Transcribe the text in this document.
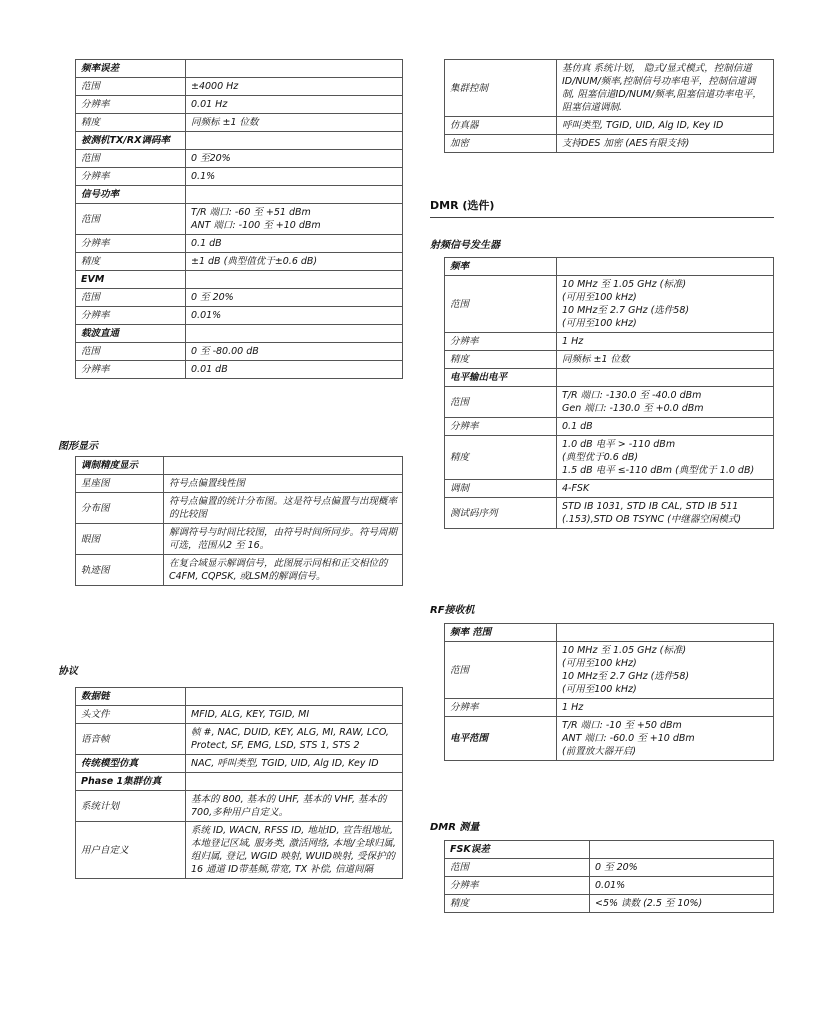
频率误差	
范围	±4000 Hz
分辨率	0.01 Hz
精度	同频标 ±1 位数
被测机TX/RX调码率	
范围	0 至20%
分辨率	0.1%
信号功率	
范围	T/R 端口: -60 至 +51 dBm
ANT 端口: -100 至 +10 dBm
分辨率	0.1 dB
精度	±1 dB (典型值优于±0.6 dB)
EVM	
范围	0 至 20%
分辨率	0.01%
载波直通	
范围	0 至 -80.00 dB
分辨率	0.01 dB
图形显示
调制精度显示	
星座图	符号点偏置线性图
分布图	符号点偏置的统计分布图。这是符号点偏置与出现概率的比较图
眼图	解调符号与时间比较图，由符号时间所同步。符号周期可选，范围从2 至 16。
轨迹图	在复合域显示解调信号，此图展示同相和正交相位的C4FM, CQPSK, 或LSM的解调信号。
协议
数据链	
头文件	MFID, ALG, KEY, TGID, MI
语音帧	帧 #, NAC, DUID, KEY, ALG, MI, RAW, LCO, Protect, SF, EMG, LSD, STS 1, STS 2
传统模型仿真	NAC, 呼叫类型, TGID, UID, Alg ID, Key ID
Phase 1集群仿真	
系统计划	基本的 800, 基本的 UHF, 基本的 VHF, 基本的700,多种用户自定义。
用户自定义	系统 ID, WACN, RFSS ID, 地址ID, 宣告组地址, 本地登记区域, 服务类, 激活网络, 本地/全球归属, 组归属, 登记, WGID 映射, WUID映射, 受保护的16 通道 ID带基频,带宽, TX 补偿, 信道间隔
集群控制	基仿真 系统计划， 隐式/显式模式，控制信道 ID/NUM/频率,控制信号功率电平，控制信道调制, 阻塞信道ID/NUM/频率,阻塞信道功率电平，阻塞信道调制.
仿真器	呼叫类型, TGID, UID, Alg ID, Key ID
加密	支持DES 加密 (AES有限支持)
DMR (选件)
射频信号发生器
频率	
范围	10 MHz 至 1.05 GHz (标准)
(可用至100 kHz)
10 MHz至 2.7 GHz (选件58)
(可用至100 kHz)
分辨率	1 Hz
精度	同频标 ±1 位数
电平输出电平	
范围	T/R 端口: -130.0 至 -40.0 dBm
Gen 端口: -130.0 至 +0.0 dBm
分辨率	0.1 dB
精度	1.0 dB 电平 > -110 dBm
(典型优于0.6 dB)
1.5 dB 电平 ≤-110 dBm (典型优于 1.0 dB)
调制	4-FSK
测试码序列	STD IB 1031, STD IB CAL, STD IB 511 (.153),STD OB TSYNC (中继器空闲模式)
RF接收机
频率 范围	
范围	10 MHz 至 1.05 GHz (标准)
(可用至100 kHz)
10 MHz至 2.7 GHz (选件58)
(可用至100 kHz)
分辨率	1 Hz
电平范围	T/R 端口: -10 至 +50 dBm
ANT 端口: -60.0 至 +10 dBm
(前置放大器开启)
DMR 测量
FSK误差	
范围	0 至 20%
分辨率	0.01%
精度	<5% 读数 (2.5 至 10%)
